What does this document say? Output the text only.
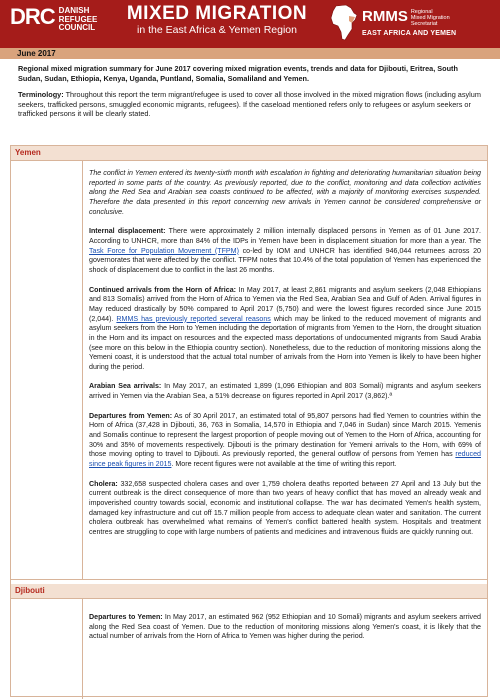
DRC DANISH
REFUGEE
COUNCIL
MIXED MIGRATION
in the East Africa & Yemen Region
RMMS Regional
Mixed Migration
Secretariat
EAST AFRICA AND YEMEN
June 2017
Regional mixed migration summary for June 2017 covering mixed migration events, trends and data for Djibouti, Eritrea, South Sudan, Sudan, Ethiopia, Kenya, Uganda, Puntland, Somalia, Somaliland and Yemen.
Terminology: Throughout this report the term migrant/refugee is used to cover all those involved in the mixed migration flows (including asylum seekers, trafficked persons, smuggled economic migrants, refugees). If the caseload mentioned refers only to refugees or asylum seekers or trafficked persons it will be clearly stated.
Yemen

The conflict in Yemen entered its twenty-sixth month with escalation in fighting and deteriorating humanitarian situation being reported in some parts of the country. As previously reported, due to the conflict, monitoring and data collection activities along the Red Sea and Arabian sea coasts continued to be affected, with a majority of monitoring exercises suspended. Therefore the data presented in this report concerning new arrivals in Yemen cannot be considered comprehensive or conclusive.

Internal displacement: There were approximately 2 million internally displaced persons in Yemen as of 01 June 2017. According to UNHCR, more than 84% of the IDPs in Yemen have been in displacement situation for more than a year. The Task Force for Population Movement (TFPM) co-led by IOM and UNHCR has identified 946,044 returnees across 20 governorates that were affected by the conflict. TFPM notes that 10.4% of the total population of Yemen has experienced the shock of displacement due to conflict in the last 26 months.

Continued arrivals from the Horn of Africa: In May 2017, at least 2,861 migrants and asylum seekers (2,048 Ethiopians and 813 Somalis) arrived from the Horn of Africa to Yemen via the Red Sea, Arabian Sea and Gulf of Aden. Arrival figures in May reduced drastically by 50% compared to April 2017 (5,750) and were the lowest figures recorded since June 2015 (2,044). RMMS has previously reported several reasons which may be linked to the reduced movement of migrants and asylum seekers from the Horn to Yemen including the deportation of migrants from Yemen to the Horn, the drought situation in the Horn and its impact on resources and the expected mass deportations of undocumented migrants from Saudi Arabia (see more on this below in the Ethiopia country section). Nonetheless, due to the reduction of monitoring missions along the Yemeni coast, it is understood that the actual total number of arrivals from the Horn into Yemen is likely to have been higher during the period.

Arabian Sea arrivals: In May 2017, an estimated 1,899 (1,096 Ethiopian and 803 Somali) migrants and asylum seekers arrived in Yemen via the Arabian Sea, a 51% decrease on figures reported in April 2017 (3,862).ª

Departures from Yemen: As of 30 April 2017, an estimated total of 95,807 persons had fled Yemen to countries within the Horn of Africa (37,428 in Djibouti, 36, 763 in Somalia, 14,570 in Ethiopia and 7,046 in Sudan) since March 2015. Yemenis and Somalis continue to represent the largest proportion of people moving out of Yemen to the Horn of Africa, accounting for 30% and 35% of movements respectively. Djibouti is the primary destination for Yemeni arrivals to the Horn, with 69% of those moving opting to travel to Djibouti. As previously reported, the general outflow of persons from Yemen has reduced since peak figures in 2015. More recent figures were not available at the time of writing this report.

Cholera: 332,658 suspected cholera cases and over 1,759 cholera deaths reported between 27 April and 13 July but the current outbreak is the direct consequence of more than two years of heavy conflict that has moved an already weak and impoverished country towards social, economic and institutional collapse. The war has decimated Yemen's health system, damaged key infrastructure and cut off 15.7 million people from access to adequate clean water and sanitation. The current cholera outbreak has overwhelmed what remains of Yemen's conflict battered health system. Hospitals and treatment centres are struggling to cope with large numbers of patients and medicines and intravenous fluids are quickly running out.

Djibouti

Departures to Yemen: In May 2017, an estimated 962 (952 Ethiopian and 10 Somali) migrants and asylum seekers arrived along the Red Sea coast of Yemen. Due to the reduction of monitoring missions along Yemen's coast, it is likely that the actual number of arrivals from the Horn of Africa to Yemen was higher during the period.
